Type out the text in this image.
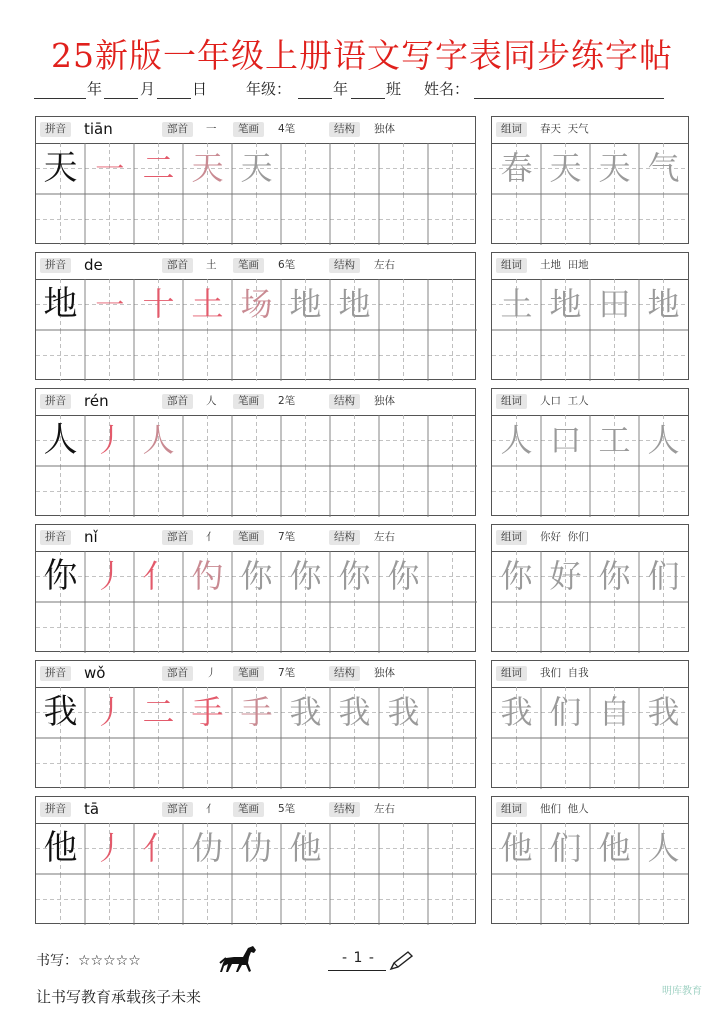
25新版一年级上册语文写字表同步练字帖
年	月 日	年级：	年	班 姓名：
拼音	tiān	部首	一	笔画	4笔	结构	独体
天 ㇐ 二 天 天
组词	春天  天气
春 天 天 气
拼音	de	部首	土	笔画	6笔	结构	左右
地 ㇐ 十 土 场 地 地
组词	土地  田地
土 地 田 地
拼音	rén	部首	人	笔画	2笔	结构	独体
人 丿 人
组词	人口  工人
人 口 工 人
拼音	nǐ	部首	亻	笔画	7笔	结构	左右
你 丿 亻 仢 你 你 你 你
组词	你好  你们
你 好 你 们
拼音	wǒ	部首	丿	笔画	7笔	结构	独体
我 丿 二 手 手 我 我 我
组词	我们  自我
我 们 自 我
拼音	tā	部首	亻	笔画	5笔	结构	左右
他 丿 亻 仂 仂 他
组词	他们  他人
他 们 他 人
书写：☆☆☆☆☆	- 1 -
让书写教育承载孩子未来	明库教育
